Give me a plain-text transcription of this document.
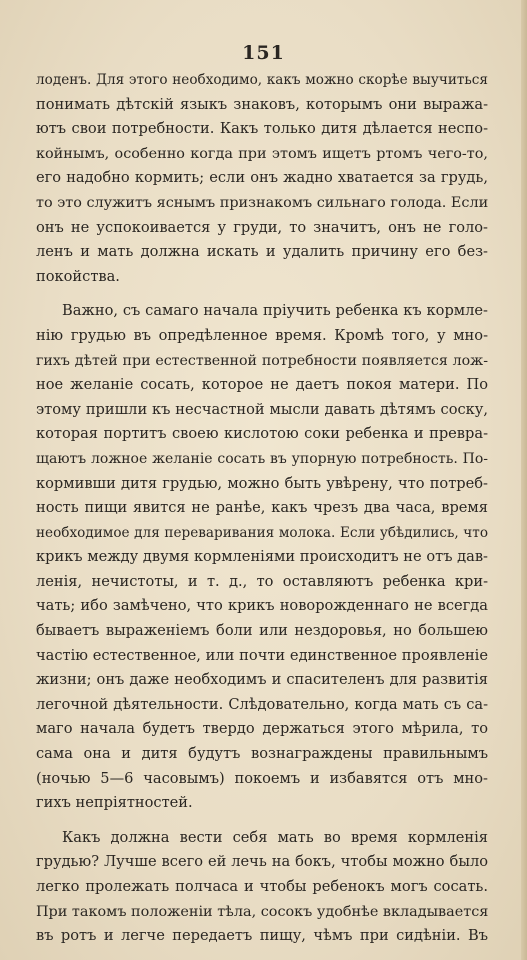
151
лоденъ. Для этого необходимо, какъ можно скорѣе выучиться
понимать дѣтскій языкъ знаковъ, которымъ они выража-
ютъ свои потребности. Какъ только дитя дѣлается неспо-
койнымъ, особенно когда при этомъ ищетъ ртомъ чего-то,
его надобно кормить; если онъ жадно хватается за грудь,
то это служитъ яснымъ признакомъ сильнаго голода. Если
онъ не успокоивается у груди, то значитъ, онъ не голо-
ленъ и мать должна искать и удалить причину его без-
покойства.
Важно, съ самаго начала пріучить ребенка къ кормле-
нію грудью въ опредѣленное время. Кромѣ того, у мно-
гихъ дѣтей при естественной потребности появляется лож-
ное желаніе сосать, которое не даетъ покоя матери. По
этому пришли къ несчастной мысли давать дѣтямъ соску,
которая портитъ своею кислотою соки ребенка и превра-
щаютъ ложное желаніе сосать въ упорную потребность. По-
кормивши дитя грудью, можно быть увѣрену, что потреб-
ность пищи явится не ранѣе, какъ чрезъ два часа, время
необходимое для переваривания молока. Если убѣдились, что
крикъ между двумя кормленіями происходитъ не отъ дав-
ленія, нечистоты, и т. д., то оставляютъ ребенка кри-
чать; ибо замѣчено, что крикъ новорожденнаго не всегда
бываетъ выраженіемъ боли или нездоровья, но большею
частію естественное, или почти единственное проявленіе
жизни; онъ даже необходимъ и спасителенъ для развитія
легочной дѣятельности. Слѣдовательно, когда мать съ са-
маго начала будетъ твердо держаться этого мѣрила, то
сама она и дитя будутъ вознаграждены правильнымъ
(ночью 5—6 часовымъ) покоемъ и избавятся отъ мно-
гихъ непріятностей.
Какъ должна вести себя мать во время кормленія
грудью? Лучше всего ей лечь на бокъ, чтобы можно было
легко пролежать полчаса и чтобы ребенокъ могъ сосать.
При такомъ положеніи тѣла, сосокъ удобнѣе вкладывается
въ ротъ и легче передаетъ пищу, чѣмъ при сидѣніи. Въ
